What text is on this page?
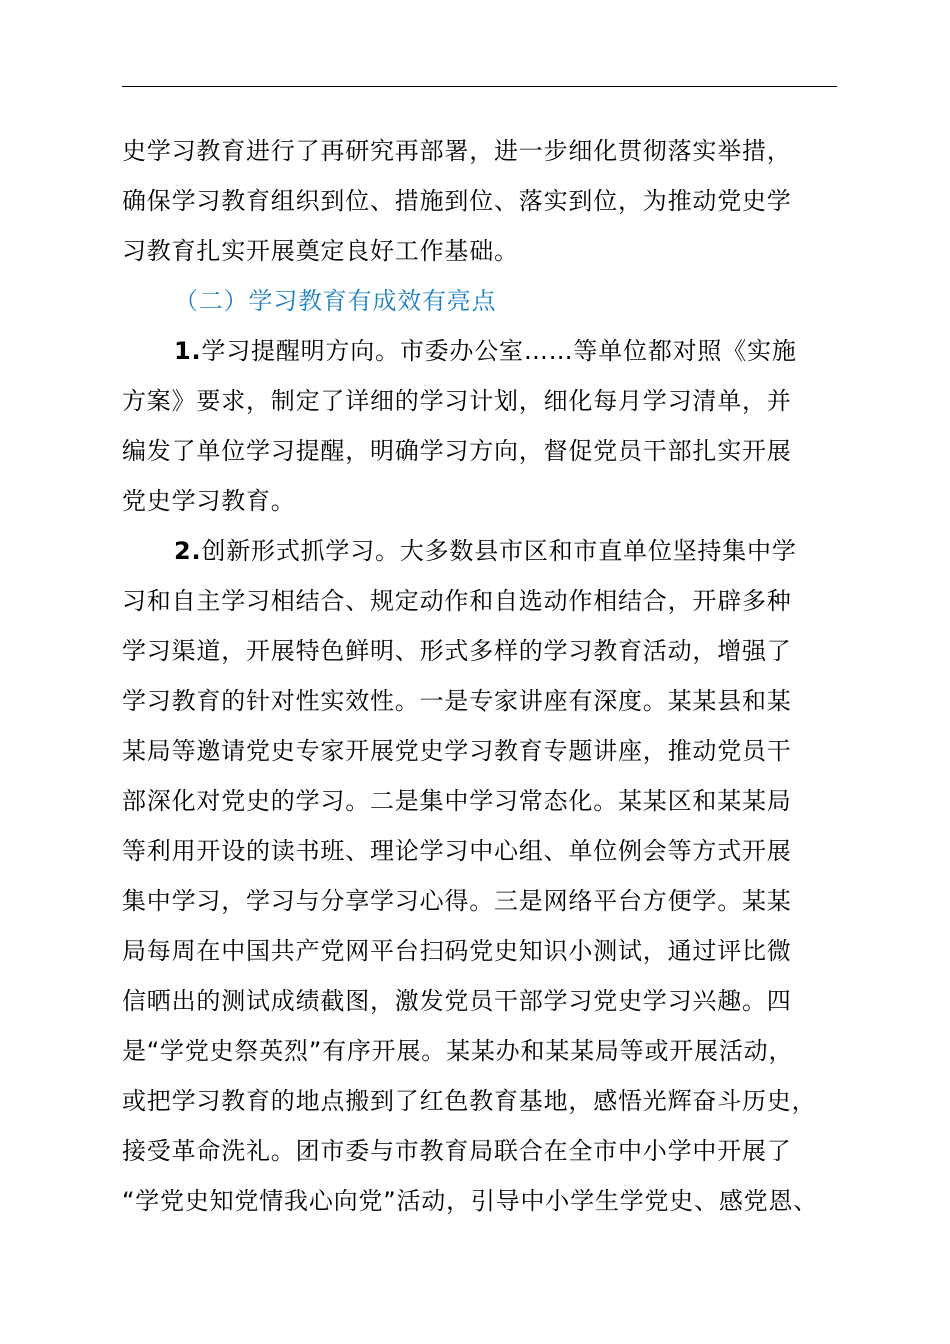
史学习教育进行了再研究再部署，进一步细化贯彻落实举措，
确保学习教育组织到位、措施到位、落实到位，为推动党史学
习教育扎实开展奠定良好工作基础。
（二）学习教育有成效有亮点
1.学习提醒明方向。市委办公室……等单位都对照《实施
方案》要求，制定了详细的学习计划，细化每月学习清单，并
编发了单位学习提醒，明确学习方向，督促党员干部扎实开展
党史学习教育。
2.创新形式抓学习。大多数县市区和市直单位坚持集中学
习和自主学习相结合、规定动作和自选动作相结合，开辟多种
学习渠道，开展特色鲜明、形式多样的学习教育活动，增强了
学习教育的针对性实效性。一是专家讲座有深度。某某县和某
某局等邀请党史专家开展党史学习教育专题讲座，推动党员干
部深化对党史的学习。二是集中学习常态化。某某区和某某局
等利用开设的读书班、理论学习中心组、单位例会等方式开展
集中学习，学习与分享学习心得。三是网络平台方便学。某某
局每周在中国共产党网平台扫码党史知识小测试，通过评比微
信晒出的测试成绩截图，激发党员干部学习党史学习兴趣。四
是“学党史祭英烈”有序开展。某某办和某某局等或开展活动，
或把学习教育的地点搬到了红色教育基地，感悟光辉奋斗历史，
接受革命洗礼。团市委与市教育局联合在全市中小学中开展了
“学党史知党情我心向党”活动，引导中小学生学党史、感党恩、
